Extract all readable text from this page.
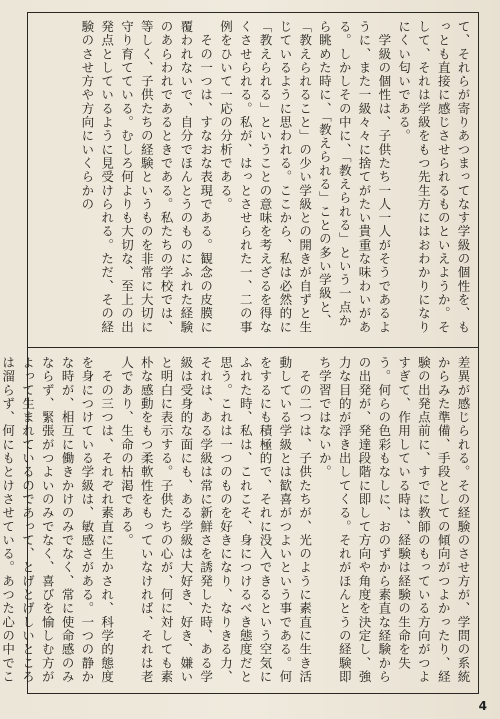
て、それらが寄りあつまってなす学級の個性を、もっとも直接に感じさせられるものといえようか。そして、それは学級をもつ先生方にはおわかりになりにくい匂いである。
　学級の個性は、子供たち一人一人がそうであるように、また一級々々に捨てがたい貴重な味わいがある。しかしその中に、「教えられる」という一点から眺めた時に、「教えられる」ことの多い学級と、「教えられること」の少い学級との開きが自ずと生じているように思われる。ここから、私は必然的に「教えられる」ということの意味を考えざるを得なくさせられる。私が、はっとさせられた一、二の事例をひいて一応の分析である。
　その一つは、すなおな表現である。観念の皮膜に覆われないで、自分でほんとうのものにふれた経験のあらわれであるときである。私たちの学校では、等しく、子供たちの経験というものを非常に大切に守り育てている。むしろ何よりも大切な、至上の出発点としているように見受けられる。ただ、その経験のさせ方や方向にいくらかの
差異が感じられる。その経験のさせ方が、学問の系統からみた準備、手段としての傾向がつよかったり、経験の出発点前に、すでに教師のもっている方向がつよすぎて、作用している時は、経験は経験の生命を失う。何らの色彩もなしに、おのずから素直な経験からの出発が、発達段階に即して方向や角度を決定し、強力な目的が浮き出してくる。それがほんとうの経験即ち学習ではないか。
　その二つは、子供たちが、光のように素直に生き活動している学級とは歓喜がつよいという事である。何をするにも積極的で、それに没入できるという空気にふれた時、私は、これこそ、身につけるべき態度だと思う。これは一つのものを好きになり、なりきる力、それは、ある学級は常に新鮮さを誘発した時、ある学級は受身的な面にも、ある学級は大好き、好き、嫌いと明白に表示する。子供たちの心が、何に対しても素朴な感動をもつ柔軟性をもっていなければ、それは老人であり、生命の枯渇である。
　その三つは、それぞれ素直に生かされ、科学的態度を身につけている学級は、敏感さがある。一つの静かな時が、相互に働きかけのみでなく、常に使命感のみならず、緊張がつよいのみでなく、喜びを愉しむ方がよって生まれているのであって、とげとげしいところは溜らず、何にもとけさせている。あつた心の中でこ

4
